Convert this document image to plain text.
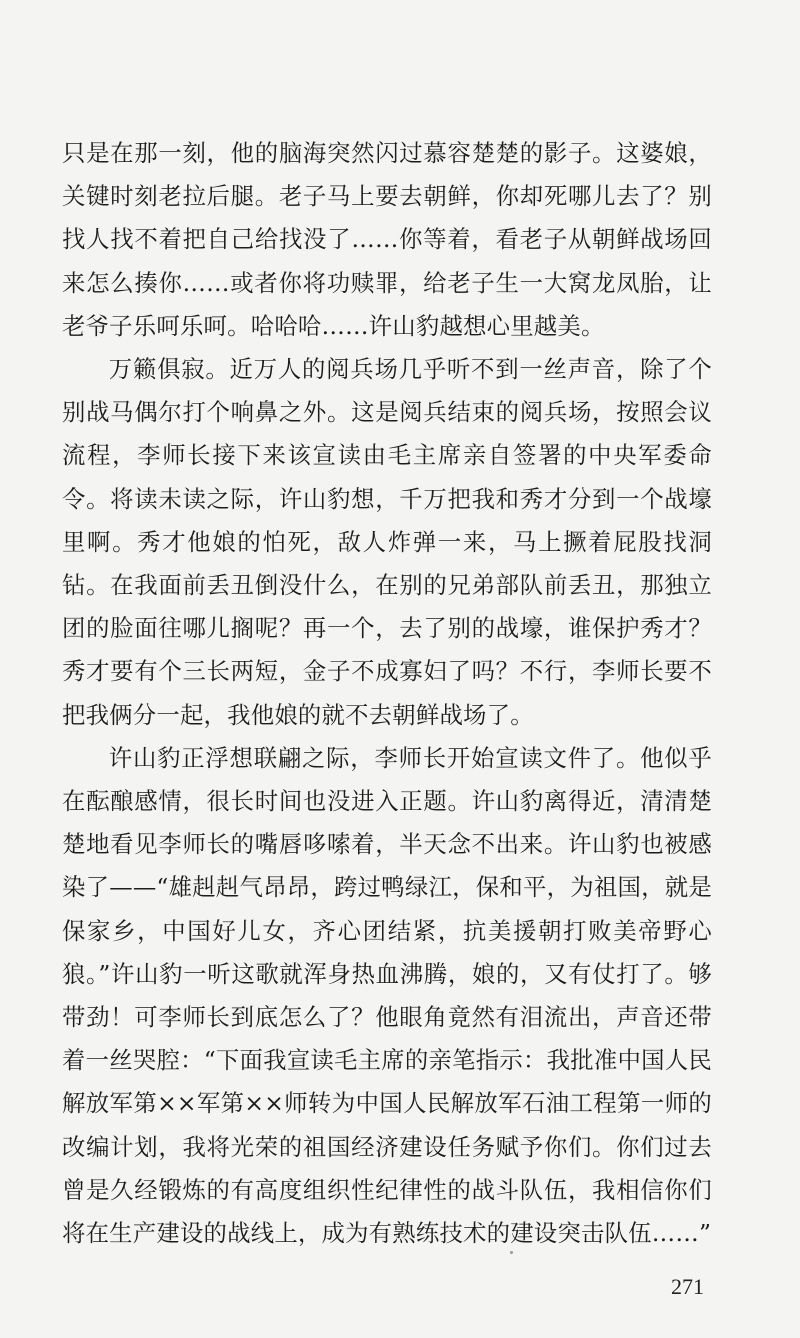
只是在那一刻，他的脑海突然闪过慕容楚楚的影子。这婆娘，关键时刻老拉后腿。老子马上要去朝鲜，你却死哪儿去了？别找人找不着把自己给找没了……你等着，看老子从朝鲜战场回来怎么揍你……或者你将功赎罪，给老子生一大窝龙凤胎，让老爷子乐呵乐呵。哈哈哈……许山豹越想心里越美。

万籁俱寂。近万人的阅兵场几乎听不到一丝声音，除了个别战马偶尔打个响鼻之外。这是阅兵结束的阅兵场，按照会议流程，李师长接下来该宣读由毛主席亲自签署的中央军委命令。将读未读之际，许山豹想，千万把我和秀才分到一个战壕里啊。秀才他娘的怕死，敌人炸弹一来，马上撅着屁股找洞钻。在我面前丢丑倒没什么，在别的兄弟部队前丢丑，那独立团的脸面往哪儿搁呢？再一个，去了别的战壕，谁保护秀才？秀才要有个三长两短，金子不成寡妇了吗？不行，李师长要不把我俩分一起，我他娘的就不去朝鲜战场了。

许山豹正浮想联翩之际，李师长开始宣读文件了。他似乎在酝酿感情，很长时间也没进入正题。许山豹离得近，清清楚楚地看见李师长的嘴唇哆嗦着，半天念不出来。许山豹也被感染了——“雄赳赳气昂昂，跨过鸭绿江，保和平，为祖国，就是保家乡，中国好儿女，齐心团结紧，抗美援朝打败美帝野心狼。”许山豹一听这歌就浑身热血沸腾，娘的，又有仗打了。够带劲！可李师长到底怎么了？他眼角竟然有泪流出，声音还带着一丝哭腔：“下面我宣读毛主席的亲笔指示：我批准中国人民解放军第××军第××师转为中国人民解放军石油工程第一师的改编计划，我将光荣的祖国经济建设任务赋予你们。你们过去曾是久经锻炼的有高度组织性纪律性的战斗队伍，我相信你们将在生产建设的战线上，成为有熟练技术的建设突击队伍……”

271
